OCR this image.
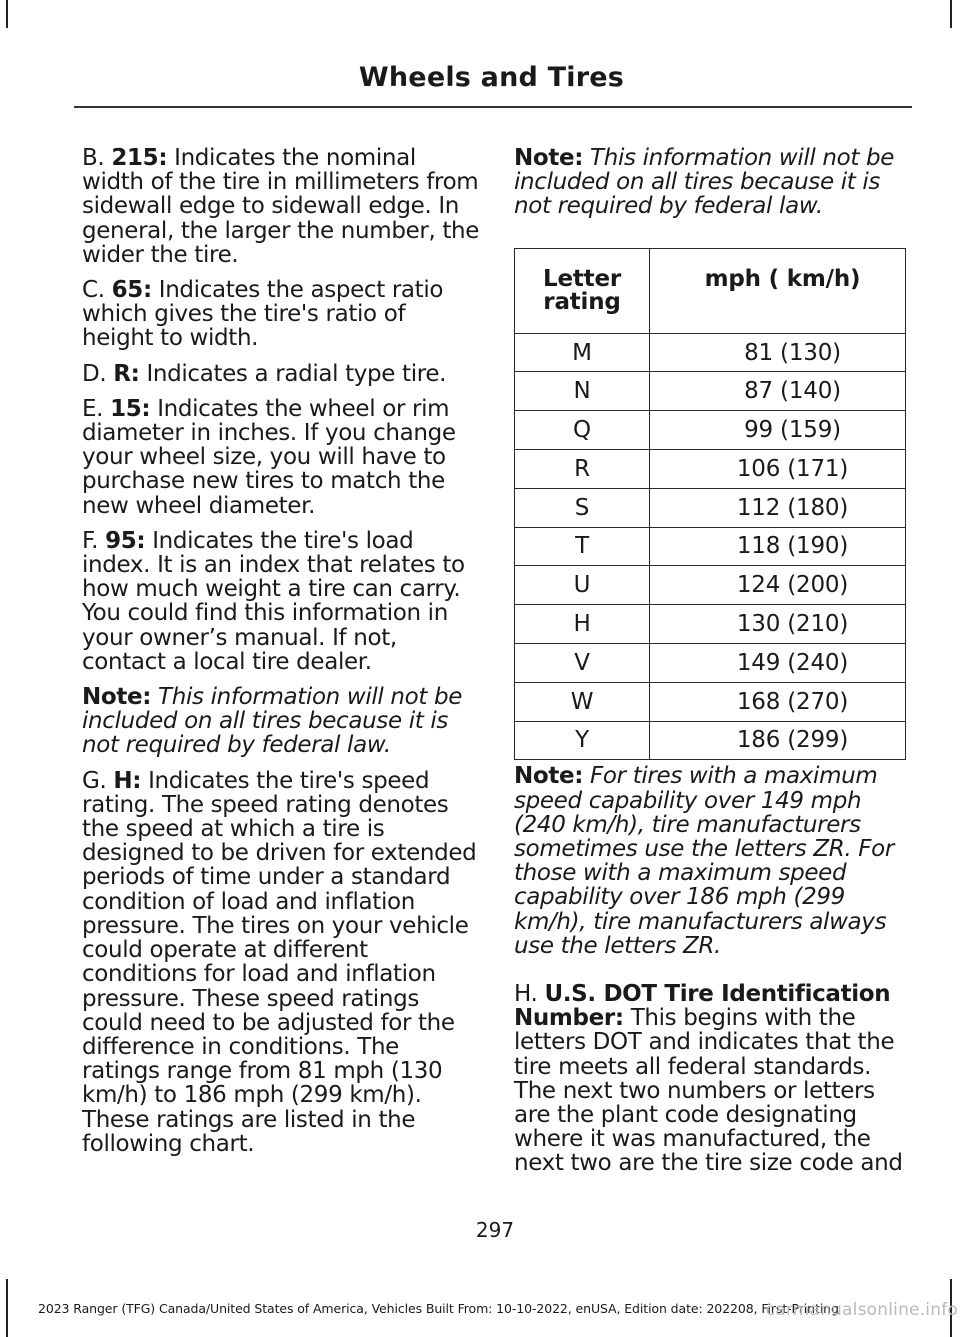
Wheels and Tires

B. 215: Indicates the nominal width of the tire in millimeters from sidewall edge to sidewall edge. In general, the larger the number, the wider the tire.

C. 65: Indicates the aspect ratio which gives the tire's ratio of height to width.

D. R: Indicates a radial type tire.

E. 15: Indicates the wheel or rim diameter in inches. If you change your wheel size, you will have to purchase new tires to match the new wheel diameter.

F. 95: Indicates the tire's load index. It is an index that relates to how much weight a tire can carry. You could find this information in your owner’s manual. If not, contact a local tire dealer.

Note: This information will not be included on all tires because it is not required by federal law.

G. H: Indicates the tire's speed rating. The speed rating denotes the speed at which a tire is designed to be driven for extended periods of time under a standard condition of load and inflation pressure. The tires on your vehicle could operate at different conditions for load and inflation pressure. These speed ratings could need to be adjusted for the difference in conditions. The ratings range from 81 mph (130 km/h) to 186 mph (299 km/h). These ratings are listed in the following chart.

Note: This information will not be included on all tires because it is not required by federal law.

Letter rating	mph ( km/h)
M	81 (130)
N	87 (140)
Q	99 (159)
R	106 (171)
S	112 (180)
T	118 (190)
U	124 (200)
H	130 (210)
V	149 (240)
W	168 (270)
Y	186 (299)

Note: For tires with a maximum speed capability over 149 mph (240 km/h), tire manufacturers sometimes use the letters ZR. For those with a maximum speed capability over 186 mph (299 km/h), tire manufacturers always use the letters ZR.

H. U.S. DOT Tire Identification Number: This begins with the letters DOT and indicates that the tire meets all federal standards. The next two numbers or letters are the plant code designating where it was manufactured, the next two are the tire size code and

297
2023 Ranger (TFG) Canada/United States of America, Vehicles Built From: 10-10-2022, enUSA, Edition date: 202208, First-Printing
carmanualsonline.info
